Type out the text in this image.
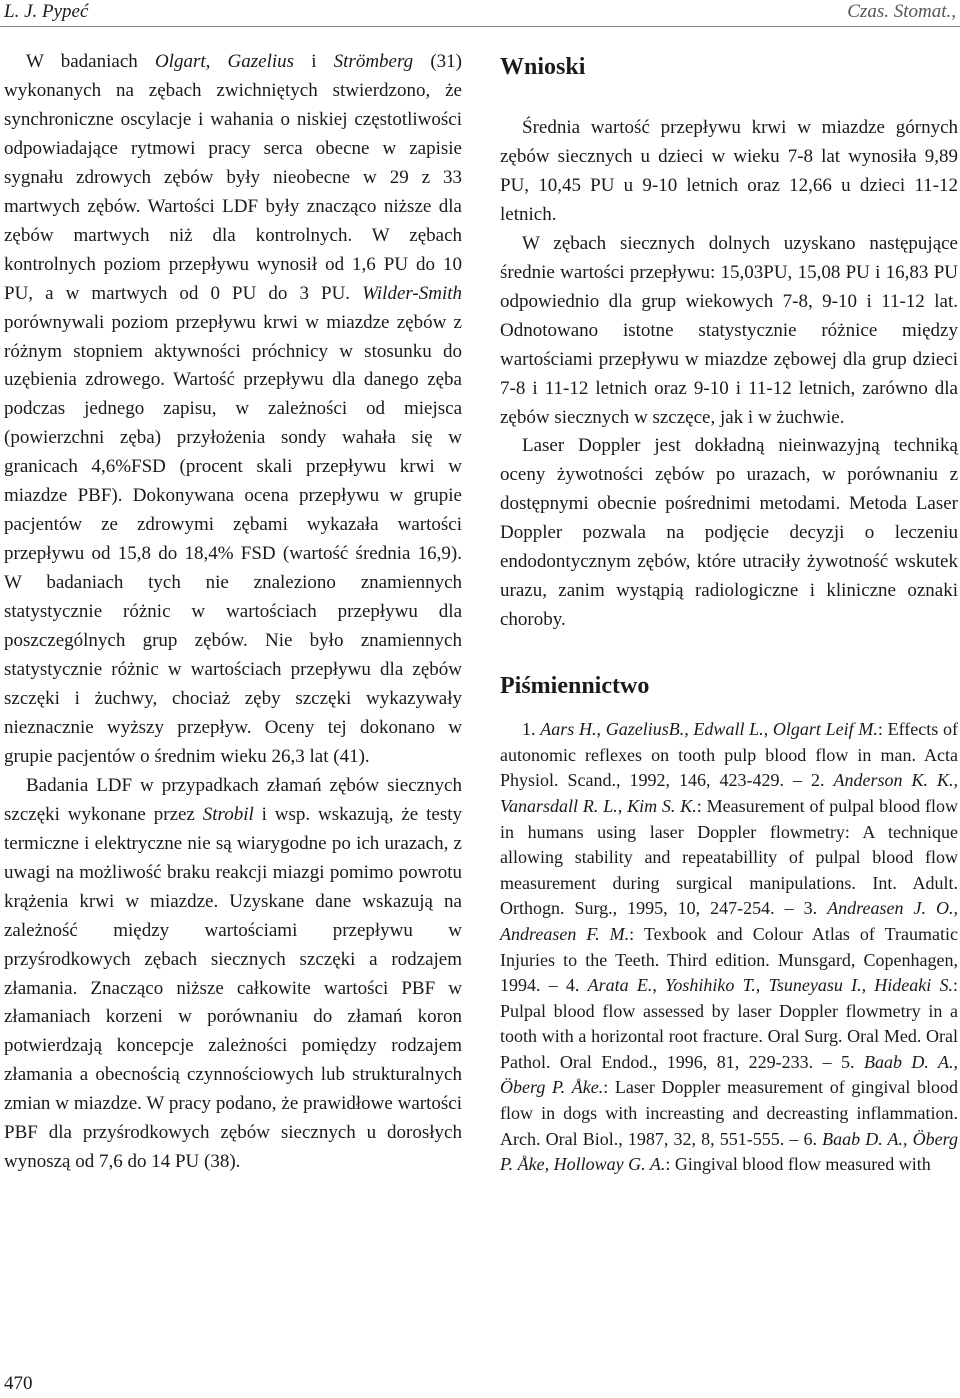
L. J. Pypeć	Czas. Stomat.,

W badaniach Olgart, Gazelius i Strömberg (31) wykonanych na zębach zwichniętych stwierdzono, że synchroniczne oscylacje i wahania o niskiej częstotliwości odpowiadające rytmowi pracy serca obecne w zapisie sygnału zdrowych zębów były nieobecne w 29 z 33 martwych zębów. Wartości LDF były znacząco niższe dla zębów martwych niż dla kontrolnych. W zębach kontrolnych poziom przepływu wynosił od 1,6 PU do 10 PU, a w martwych od 0 PU do 3 PU. Wilder-Smith porównywali poziom przepływu krwi w miazdze zębów z różnym stopniem aktywności próchnicy w stosunku do uzębienia zdrowego. Wartość przepływu dla danego zęba podczas jednego zapisu, w zależności od miejsca (powierzchni zęba) przyłożenia sondy wahała się w granicach 4,6%FSD (procent skali przepływu krwi w miazdze PBF). Dokonywana ocena przepływu w grupie pacjentów ze zdrowymi zębami wykazała wartości przepływu od 15,8 do 18,4% FSD (wartość średnia 16,9). W badaniach tych nie znaleziono znamiennych statystycznie różnic w wartościach przepływu dla poszczególnych grup zębów. Nie było znamiennych statystycznie różnic w wartościach przepływu dla zębów szczęki i żuchwy, chociaż zęby szczęki wykazywały nieznacznie wyższy przepływ. Oceny tej dokonano w grupie pacjentów o średnim wieku 26,3 lat (41).

Badania LDF w przypadkach złamań zębów siecznych szczęki wykonane przez Strobil i wsp. wskazują, że testy termiczne i elektryczne nie są wiarygodne po ich urazach, z uwagi na możliwość braku reakcji miazgi pomimo powrotu krążenia krwi w miazdze. Uzyskane dane wskazują na zależność między wartościami przepływu w przyśrodkowych zębach siecznych szczęki a rodzajem złamania. Znacząco niższe całkowite wartości PBF w złamaniach korzeni w porównaniu do złamań koron potwierdzają koncepcje zależności pomiędzy rodzajem złamania a obecnością czynnościowych lub strukturalnych zmian w miazdze. W pracy podano, że prawidłowe wartości PBF dla przyśrodkowych zębów siecznych u dorosłych wynoszą od 7,6 do 14 PU (38).

Wnioski

Średnia wartość przepływu krwi w miazdze górnych zębów siecznych u dzieci w wieku 7-8 lat wynosiła 9,89 PU, 10,45 PU u 9-10 letnich oraz 12,66 u dzieci 11-12 letnich.

W zębach siecznych dolnych uzyskano następujące średnie wartości przepływu: 15,03PU, 15,08 PU i 16,83 PU odpowiednio dla grup wiekowych 7-8, 9-10 i 11-12 lat. Odnotowano istotne statystycznie różnice między wartościami przepływu w miazdze zębowej dla grup dzieci 7-8 i 11-12 letnich oraz 9-10 i 11-12 letnich, zarówno dla zębów siecznych w szczęce, jak i w żuchwie.

Laser Doppler jest dokładną nieinwazyjną techniką oceny żywotności zębów po urazach, w porównaniu z dostępnymi obecnie pośrednimi metodami. Metoda Laser Doppler pozwala na podjęcie decyzji o leczeniu endodontycznym zębów, które utraciły żywotność wskutek urazu, zanim wystąpią radiologiczne i kliniczne oznaki choroby.

Piśmiennictwo

1. Aars H., GazeliusB., Edwall L., Olgart Leif M.: Effects of autonomic reflexes on tooth pulp blood flow in man. Acta Physiol. Scand., 1992, 146, 423-429. – 2. Anderson K. K., Vanarsdall R. L., Kim S. K.: Measurement of pulpal blood flow in humans using laser Doppler flowmetry: A technique allowing stability and repeatabillity of pulpal blood flow measurement during surgical manipulations. Int. Adult. Orthogn. Surg., 1995, 10, 247-254. – 3. Andreasen J. O., Andreasen F. M.: Texbook and Colour Atlas of Traumatic Injuries to the Teeth. Third edition. Munsgard, Copenhagen, 1994. – 4. Arata E., Yoshihiko T., Tsuneyasu I., Hideaki S.: Pulpal blood flow assessed by laser Doppler flowmetry in a tooth with a horizontal root fracture. Oral Surg. Oral Med. Oral Pathol. Oral Endod., 1996, 81, 229-233. – 5. Baab D. A., Öberg P. Åke.: Laser Doppler measurement of gingival blood flow in dogs with increasting and decreasting inflammation. Arch. Oral Biol., 1987, 32, 8, 551-555. – 6. Baab D. A., Öberg P. Åke, Holloway G. A.: Gingival blood flow measured with

470
